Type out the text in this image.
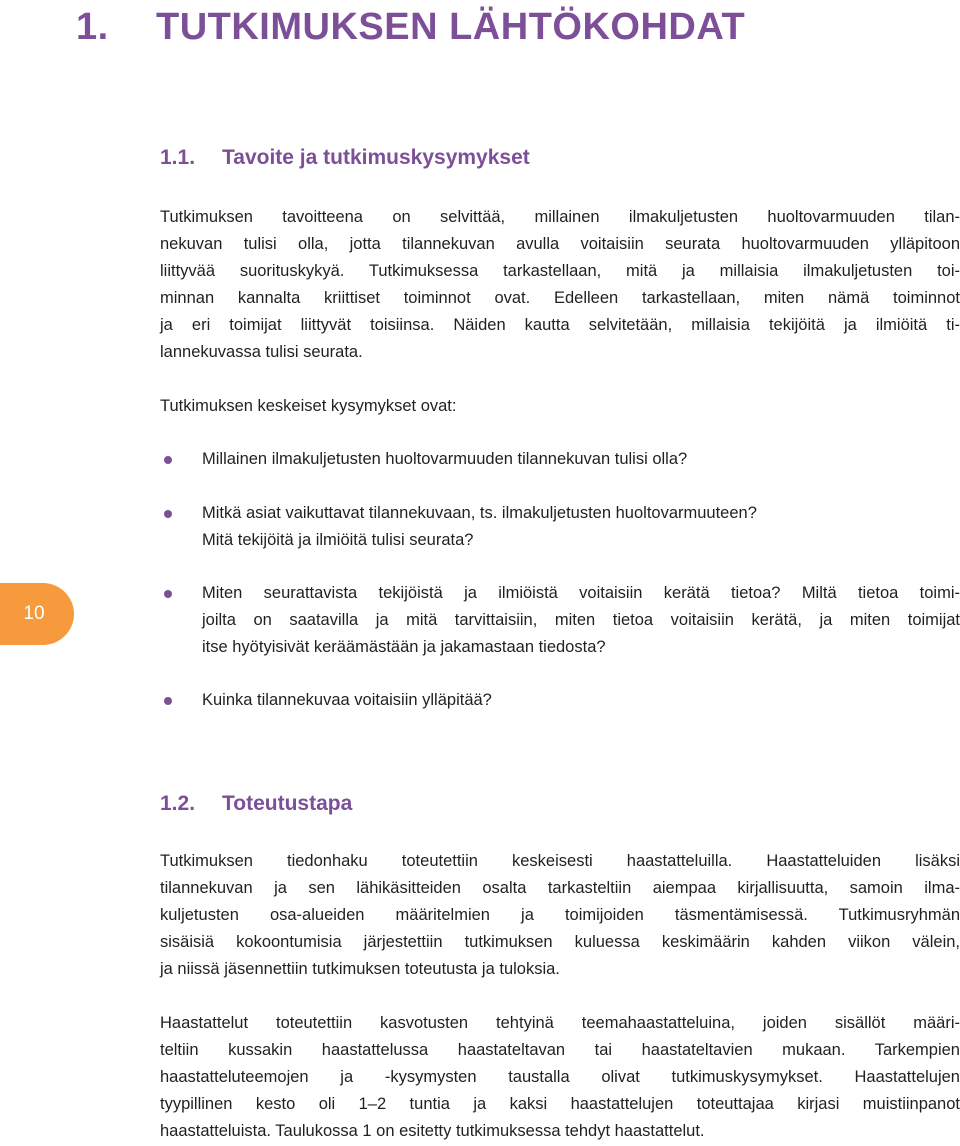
1. TUTKIMUKSEN LÄHTÖKOHDAT
1.1. Tavoite ja tutkimuskysymykset

Tutkimuksen tavoitteena on selvittää, millainen ilmakuljetusten huoltovarmuuden tilan-
nekuvan tulisi olla, jotta tilannekuvan avulla voitaisiin seurata huoltovarmuuden ylläpitoon
liittyvää suorituskykyä. Tutkimuksessa tarkastellaan, mitä ja millaisia ilmakuljetusten toi-
minnan kannalta kriittiset toiminnot ovat. Edelleen tarkastellaan, miten nämä toiminnot
ja eri toimijat liittyvät toisiinsa. Näiden kautta selvitetään, millaisia tekijöitä ja ilmiöitä ti-
lannekuvassa tulisi seurata.

Tutkimuksen keskeiset kysymykset ovat:

Millainen ilmakuljetusten huoltovarmuuden tilannekuvan tulisi olla?
Mitkä asiat vaikuttavat tilannekuvaan, ts. ilmakuljetusten huoltovarmuuteen?
Mitä tekijöitä ja ilmiöitä tulisi seurata?
Miten seurattavista tekijöistä ja ilmiöistä voitaisiin kerätä tietoa? Miltä tietoa toimi-
joilta on saatavilla ja mitä tarvittaisiin, miten tietoa voitaisiin kerätä, ja miten toimijat
itse hyötyisivät keräämästään ja jakamastaan tiedosta?
Kuinka tilannekuvaa voitaisiin ylläpitää?
10
1.2. Toteutustapa

Tutkimuksen tiedonhaku toteutettiin keskeisesti haastatteluilla. Haastatteluiden lisäksi
tilannekuvan ja sen lähikäsitteiden osalta tarkasteltiin aiempaa kirjallisuutta, samoin ilma-
kuljetusten osa-alueiden määritelmien ja toimijoiden täsmentämisessä. Tutkimusryhmän
sisäisiä kokoontumisia järjestettiin tutkimuksen kuluessa keskimäärin kahden viikon välein,
ja niissä jäsennettiin tutkimuksen toteutusta ja tuloksia.

Haastattelut toteutettiin kasvotusten tehtyinä teemahaastatteluina, joiden sisällöt määri-
teltiin kussakin haastattelussa haastateltavan tai haastateltavien mukaan. Tarkempien
haastatteluteemojen ja -kysymysten taustalla olivat tutkimuskysymykset. Haastattelujen
tyypillinen kesto oli 1–2 tuntia ja kaksi haastattelujen toteuttajaa kirjasi muistiinpanot
haastatteluista. Taulukossa 1 on esitetty tutkimuksessa tehdyt haastattelut.
